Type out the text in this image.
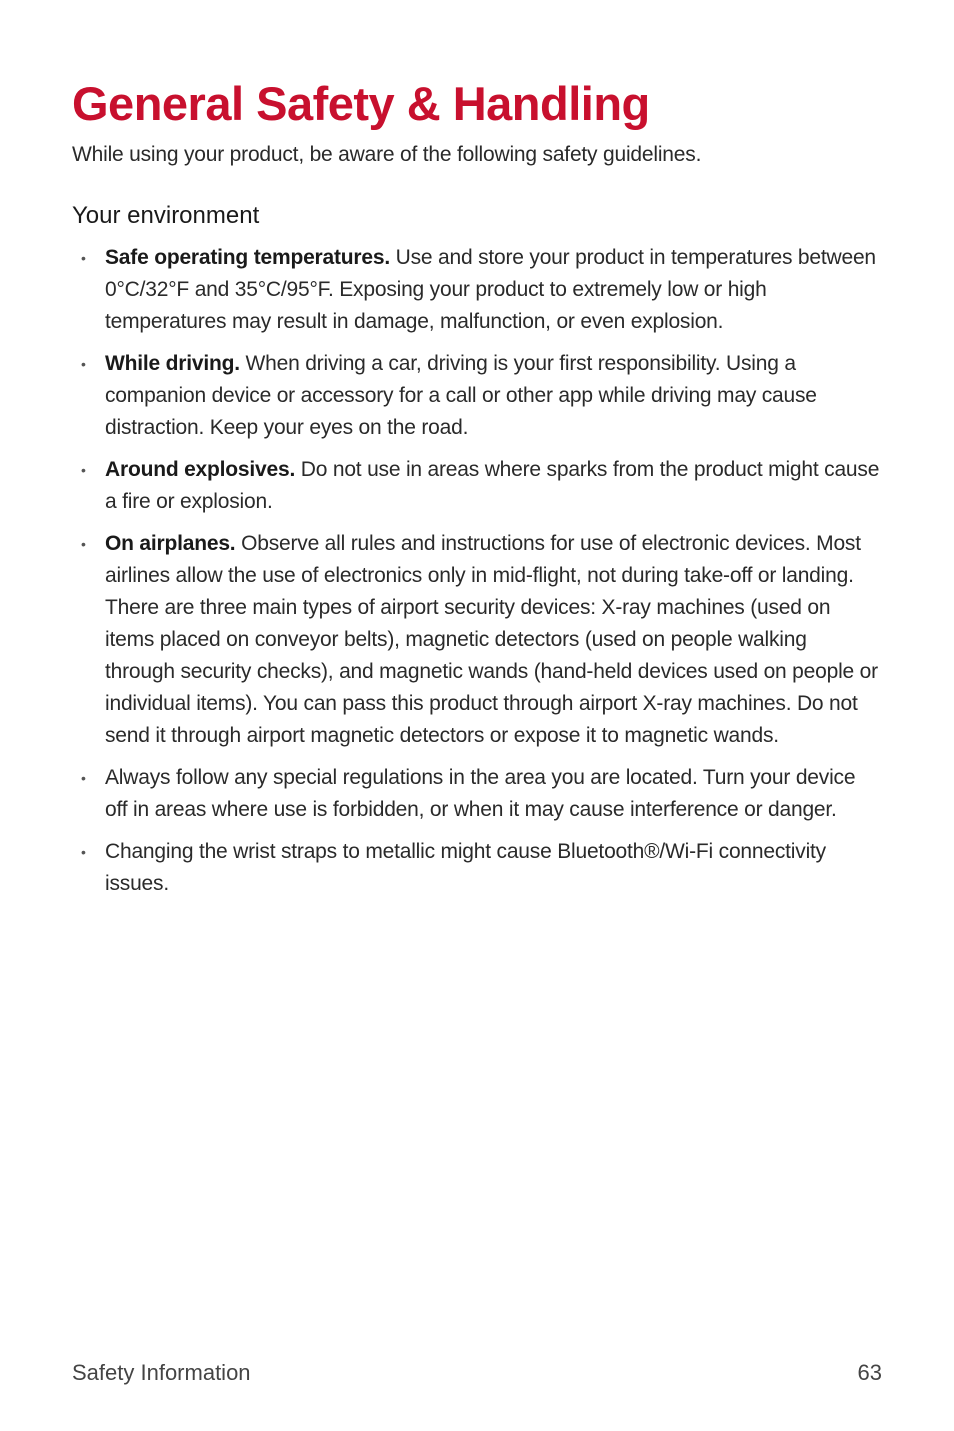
General Safety & Handling

While using your product, be aware of the following safety guidelines.

Your environment
• Safe operating temperatures. Use and store your product in temperatures between 0°C/32°F and 35°C/95°F. Exposing your product to extremely low or high temperatures may result in damage, malfunction, or even explosion.
• While driving. When driving a car, driving is your first responsibility. Using a companion device or accessory for a call or other app while driving may cause distraction. Keep your eyes on the road.
• Around explosives. Do not use in areas where sparks from the product might cause a fire or explosion.
• On airplanes. Observe all rules and instructions for use of electronic devices. Most airlines allow the use of electronics only in mid-flight, not during take-off or landing. There are three main types of airport security devices: X-ray machines (used on items placed on conveyor belts), magnetic detectors (used on people walking through security checks), and magnetic wands (hand-held devices used on people or individual items). You can pass this product through airport X-ray machines. Do not send it through airport magnetic detectors or expose it to magnetic wands.
• Always follow any special regulations in the area you are located. Turn your device off in areas where use is forbidden, or when it may cause interference or danger.
• Changing the wrist straps to metallic might cause Bluetooth®/Wi-Fi connectivity issues.
Safety Information	63
